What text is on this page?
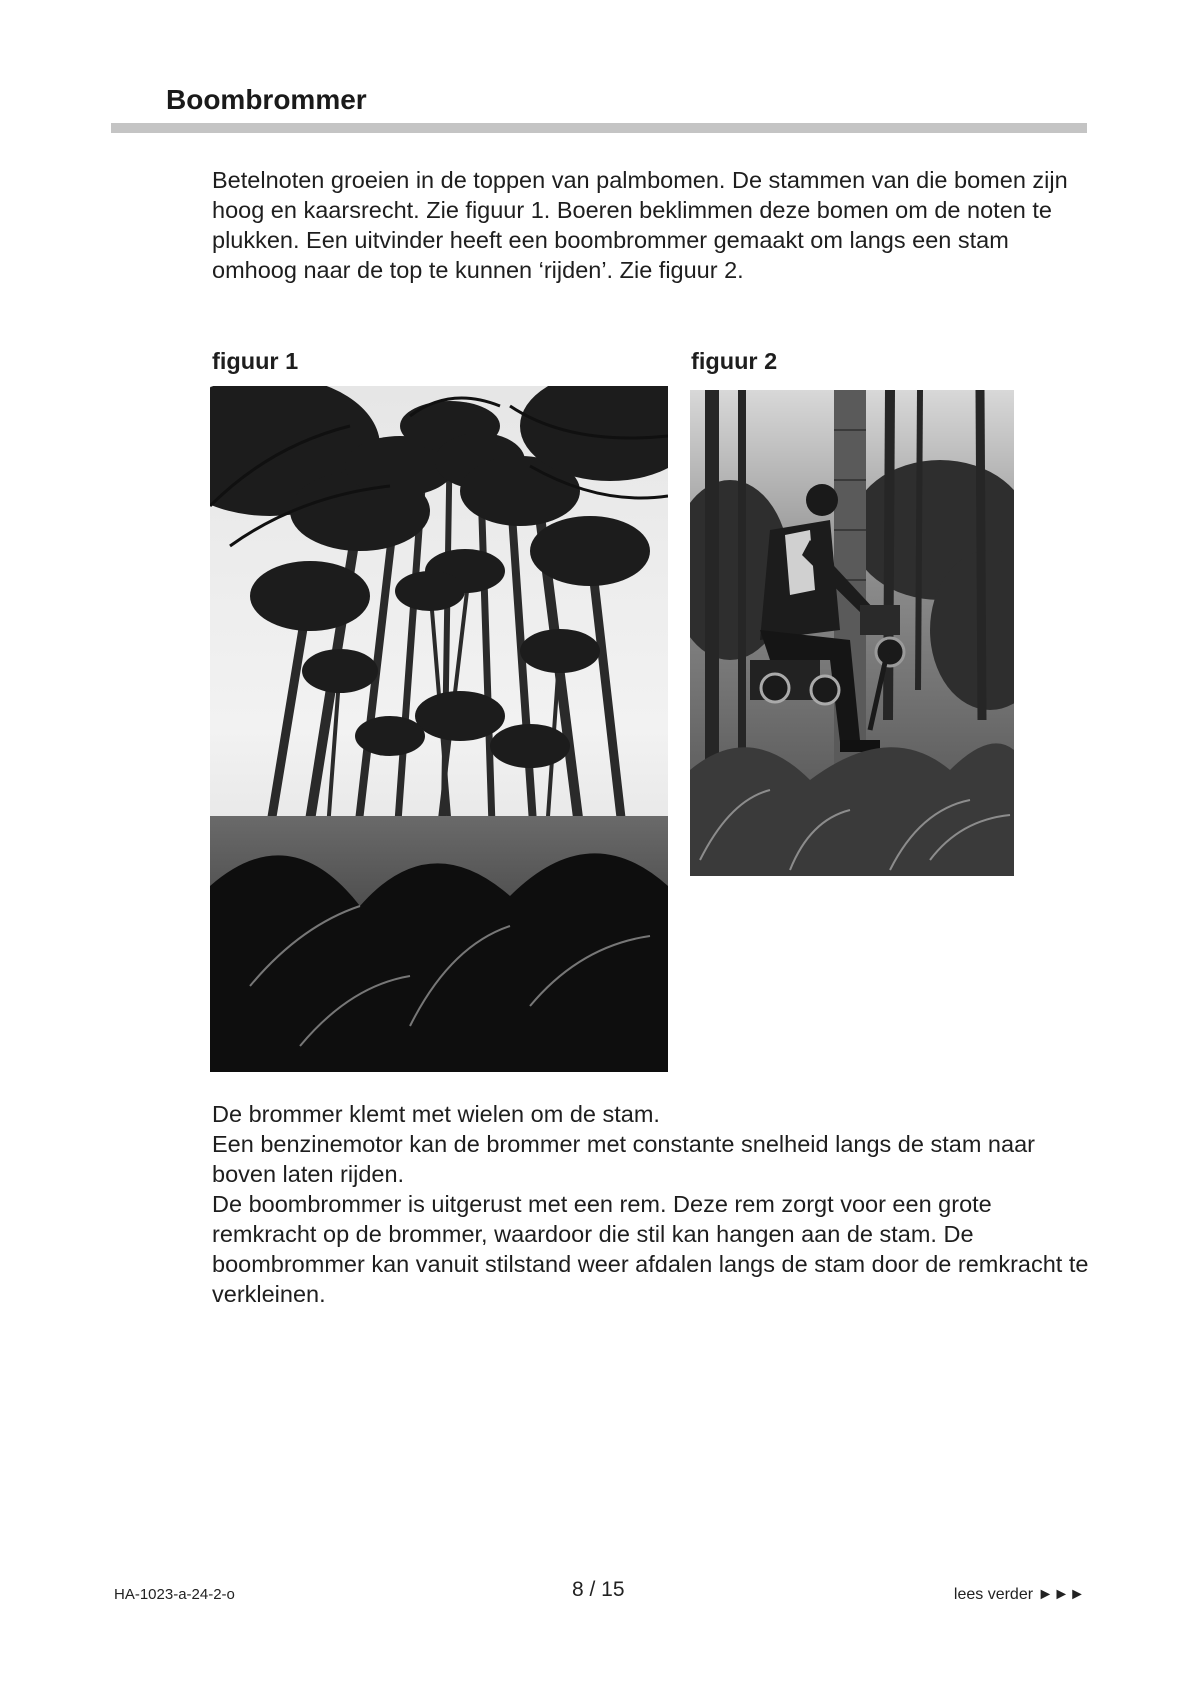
Boombrommer

Betelnoten groeien in de toppen van palmbomen. De stammen van die bomen zijn hoog en kaarsrecht. Zie figuur 1. Boeren beklimmen deze bomen om de noten te plukken. Een uitvinder heeft een boombrommer gemaakt om langs een stam omhoog naar de top te kunnen ‘rijden’. Zie figuur 2.

figuur 1	figuur 2
De brommer klemt met wielen om de stam.
Een benzinemotor kan de brommer met constante snelheid langs de stam naar boven laten rijden.
De boombrommer is uitgerust met een rem. Deze rem zorgt voor een grote remkracht op de brommer, waardoor die stil kan hangen aan de stam. De boombrommer kan vanuit stilstand weer afdalen langs de stam door de remkracht te verkleinen.
HA-1023-a-24-2-o	8 / 15	lees verder ►►►
